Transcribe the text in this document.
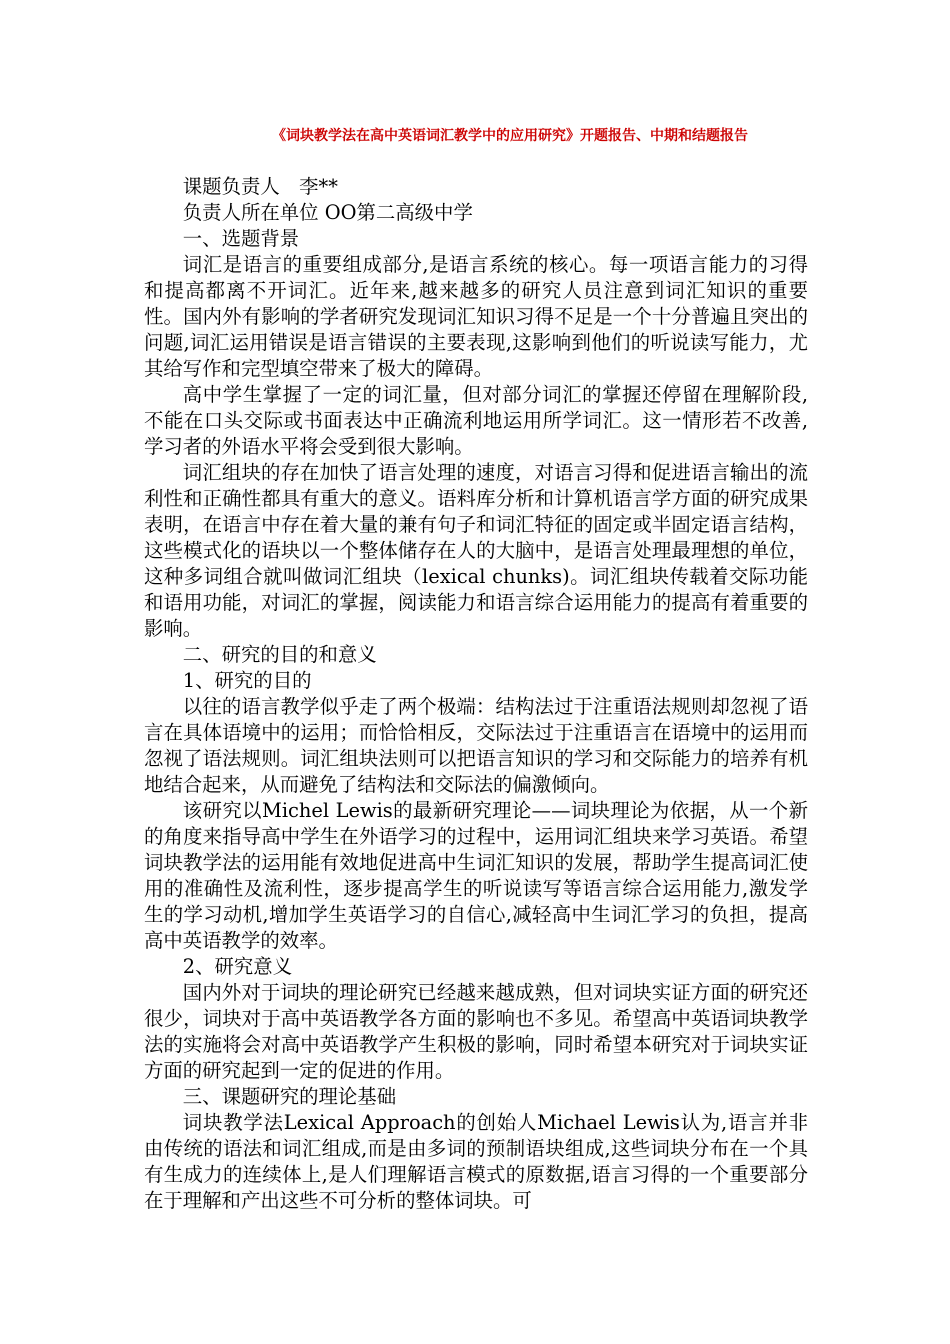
《词块教学法在高中英语词汇教学中的应用研究》开题报告、中期和结题报告

课题负责人　李**

负责人所在单位 OO第二高级中学

一、选题背景

词汇是语言的重要组成部分,是语言系统的核心。每一项语言能力的习得和提高都离不开词汇。近年来,越来越多的研究人员注意到词汇知识的重要性。国内外有影响的学者研究发现词汇知识习得不足是一个十分普遍且突出的问题,词汇运用错误是语言错误的主要表现,这影响到他们的听说读写能力，尤其给写作和完型填空带来了极大的障碍。

高中学生掌握了一定的词汇量，但对部分词汇的掌握还停留在理解阶段,不能在口头交际或书面表达中正确流利地运用所学词汇。这一情形若不改善,学习者的外语水平将会受到很大影响。

词汇组块的存在加快了语言处理的速度，对语言习得和促进语言输出的流利性和正确性都具有重大的意义。语料库分析和计算机语言学方面的研究成果表明，在语言中存在着大量的兼有句子和词汇特征的固定或半固定语言结构，这些模式化的语块以一个整体储存在人的大脑中，是语言处理最理想的单位，这种多词组合就叫做词汇组块（lexical chunks)。词汇组块传载着交际功能和语用功能，对词汇的掌握，阅读能力和语言综合运用能力的提高有着重要的影响。

二、研究的目的和意义

1、研究的目的

以往的语言教学似乎走了两个极端：结构法过于注重语法规则却忽视了语言在具体语境中的运用；而恰恰相反，交际法过于注重语言在语境中的运用而忽视了语法规则。词汇组块法则可以把语言知识的学习和交际能力的培养有机地结合起来，从而避免了结构法和交际法的偏激倾向。

该研究以Michel Lewis的最新研究理论——词块理论为依据，从一个新的角度来指导高中学生在外语学习的过程中，运用词汇组块来学习英语。希望词块教学法的运用能有效地促进高中生词汇知识的发展，帮助学生提高词汇使用的准确性及流利性，逐步提高学生的听说读写等语言综合运用能力,激发学生的学习动机,增加学生英语学习的自信心,减轻高中生词汇学习的负担，提高高中英语教学的效率。

2、研究意义

国内外对于词块的理论研究已经越来越成熟，但对词块实证方面的研究还很少，词块对于高中英语教学各方面的影响也不多见。希望高中英语词块教学法的实施将会对高中英语教学产生积极的影响，同时希望本研究对于词块实证方面的研究起到一定的促进的作用。

三、课题研究的理论基础

词块教学法Lexical Approach的创始人Michael Lewis认为,语言并非由传统的语法和词汇组成,而是由多词的预制语块组成,这些词块分布在一个具有生成力的连续体上,是人们理解语言模式的原数据,语言习得的一个重要部分在于理解和产出这些不可分析的整体词块。可
